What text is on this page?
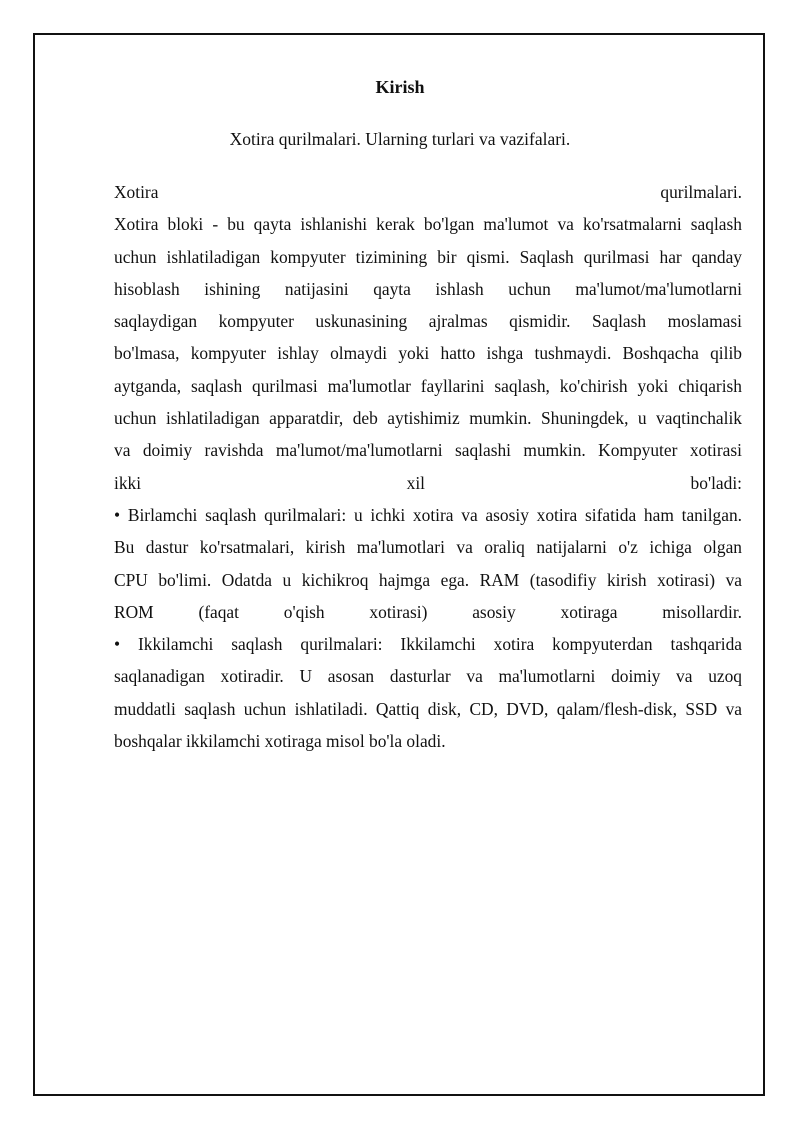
Kirish

Xotira qurilmalari. Ularning turlari va vazifalari.

Xotira qurilmalari.
Xotira bloki - bu qayta ishlanishi kerak bo'lgan ma'lumot va ko'rsatmalarni saqlash
uchun ishlatiladigan kompyuter tizimining bir qismi. Saqlash qurilmasi har qanday
hisoblash ishining natijasini qayta ishlash uchun ma'lumot/ma'lumotlarni
saqlaydigan kompyuter uskunasining ajralmas qismidir. Saqlash moslamasi
bo'lmasa, kompyuter ishlay olmaydi yoki hatto ishga tushmaydi. Boshqacha qilib
aytganda, saqlash qurilmasi ma'lumotlar fayllarini saqlash, ko'chirish yoki chiqarish
uchun ishlatiladigan apparatdir, deb aytishimiz mumkin. Shuningdek, u vaqtinchalik
va doimiy ravishda ma'lumot/ma'lumotlarni saqlashi mumkin. Kompyuter xotirasi
ikki xil bo'ladi:
• Birlamchi saqlash qurilmalari: u ichki xotira va asosiy xotira sifatida ham tanilgan.
Bu dastur ko'rsatmalari, kirish ma'lumotlari va oraliq natijalarni o'z ichiga olgan
CPU bo'limi. Odatda u kichikroq hajmga ega. RAM (tasodifiy kirish xotirasi) va
ROM (faqat o'qish xotirasi) asosiy xotiraga misollardir.
• Ikkilamchi saqlash qurilmalari: Ikkilamchi xotira kompyuterdan tashqarida
saqlanadigan xotiradir. U asosan dasturlar va ma'lumotlarni doimiy va uzoq
muddatli saqlash uchun ishlatiladi. Qattiq disk, CD, DVD, qalam/flesh-disk, SSD va
boshqalar ikkilamchi xotiraga misol bo'la oladi.
